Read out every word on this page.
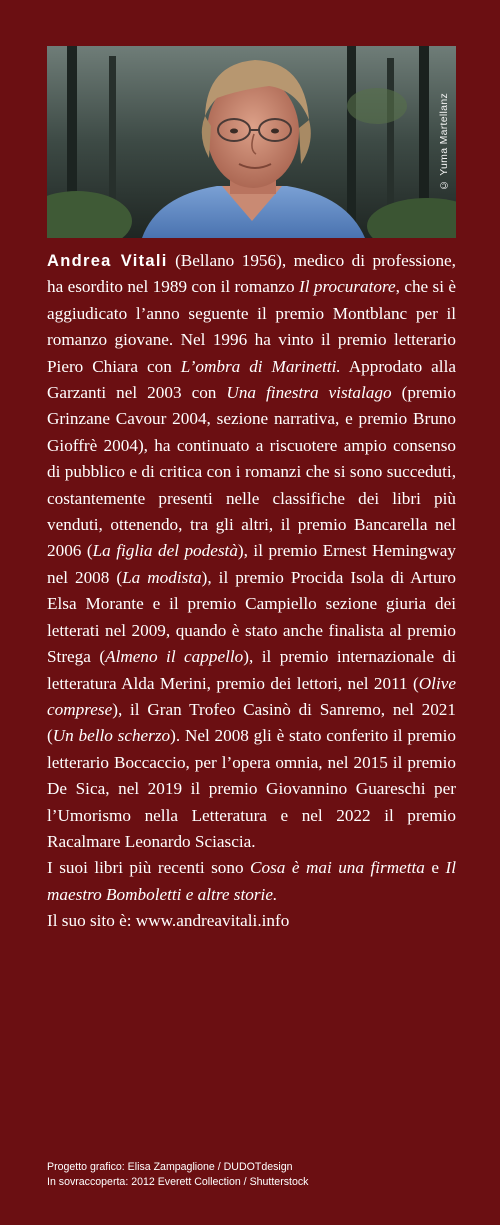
© Yuma Martellanz

Andrea Vitali (Bellano 1956), medico di professione, ha esordito nel 1989 con il romanzo Il procuratore, che si è aggiudicato l’anno seguente il premio Montblanc per il romanzo giovane. Nel 1996 ha vinto il premio letterario Piero Chiara con L’ombra di Marinetti. Approdato alla Garzanti nel 2003 con Una finestra vistalago (premio Grinzane Cavour 2004, sezione narrativa, e premio Bruno Gioffrè 2004), ha continuato a riscuotere ampio consenso di pubblico e di critica con i romanzi che si sono succeduti, costantemente presenti nelle classifiche dei libri più venduti, ottenendo, tra gli altri, il premio Bancarella nel 2006 (La figlia del podestà), il premio Ernest Hemingway nel 2008 (La modista), il premio Procida Isola di Arturo Elsa Morante e il premio Campiello sezione giuria dei letterati nel 2009, quando è stato anche finalista al premio Strega (Almeno il cappello), il premio internazionale di letteratura Alda Merini, premio dei lettori, nel 2011 (Olive comprese), il Gran Trofeo Casinò di Sanremo, nel 2021 (Un bello scherzo). Nel 2008 gli è stato conferito il premio letterario Boccaccio, per l’opera omnia, nel 2015 il premio De Sica, nel 2019 il premio Giovannino Guareschi per l’Umorismo nella Letteratura e nel 2022 il premio Racalmare Leonardo Sciascia.

I suoi libri più recenti sono Cosa è mai una firmetta e Il maestro Bomboletti e altre storie.

Il suo sito è: www.andreavitali.info

Progetto grafico: Elisa Zampaglione / DUDOTdesign
In sovraccoperta: 2012 Everett Collection / Shutterstock
